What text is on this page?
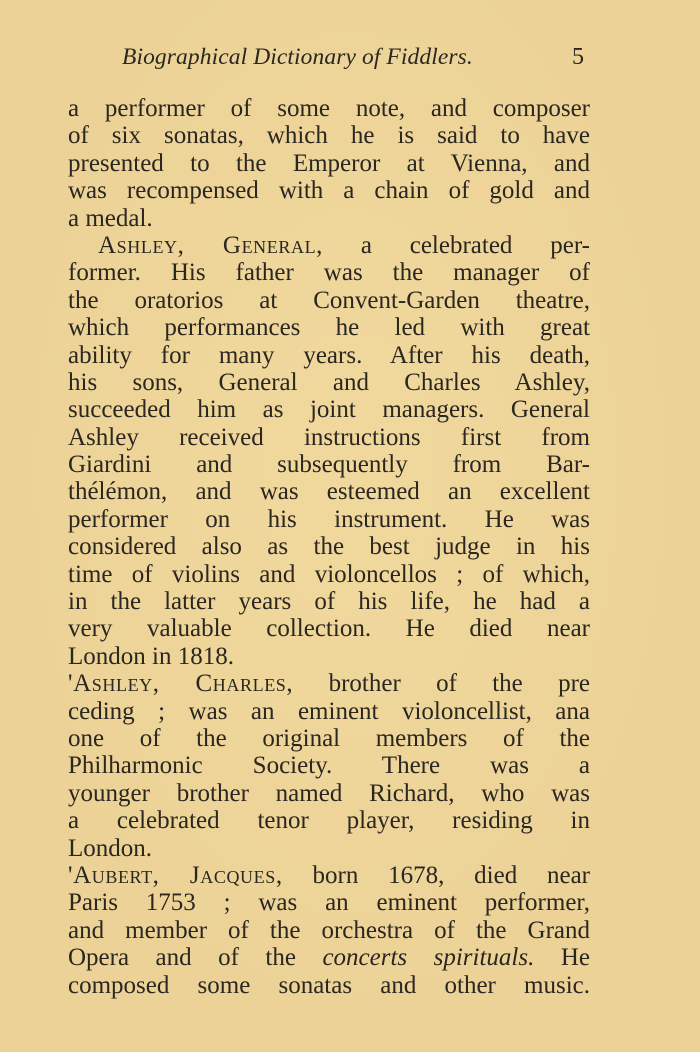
Biographical Dictionary of Fiddlers.	5
a performer of some note, and composer
of six sonatas, which he is said to have
presented to the Emperor at Vienna, and
was recompensed with a chain of gold and
a medal.
Ashley, General, a celebrated per-
former. His father was the manager of
the oratorios at Convent-Garden theatre,
which performances he led with great
ability for many years. After his death,
his sons, General and Charles Ashley,
succeeded him as joint managers. General
Ashley received instructions first from
Giardini and subsequently from Bar-
thélémon, and was esteemed an excellent
performer on his instrument. He was
considered also as the best judge in his
time of violins and violoncellos ; of which,
in the latter years of his life, he had a
very valuable collection. He died near
London in 1818.
'Ashley, Charles, brother of the pre
ceding ; was an eminent violoncellist, ana
one of the original members of the
Philharmonic Society. There was a
younger brother named Richard, who was
a celebrated tenor player, residing in
London.
'Aubert, Jacques, born 1678, died near
Paris 1753 ; was an eminent performer,
and member of the orchestra of the Grand
Opera and of the concerts spirituals. He
composed some sonatas and other music.
